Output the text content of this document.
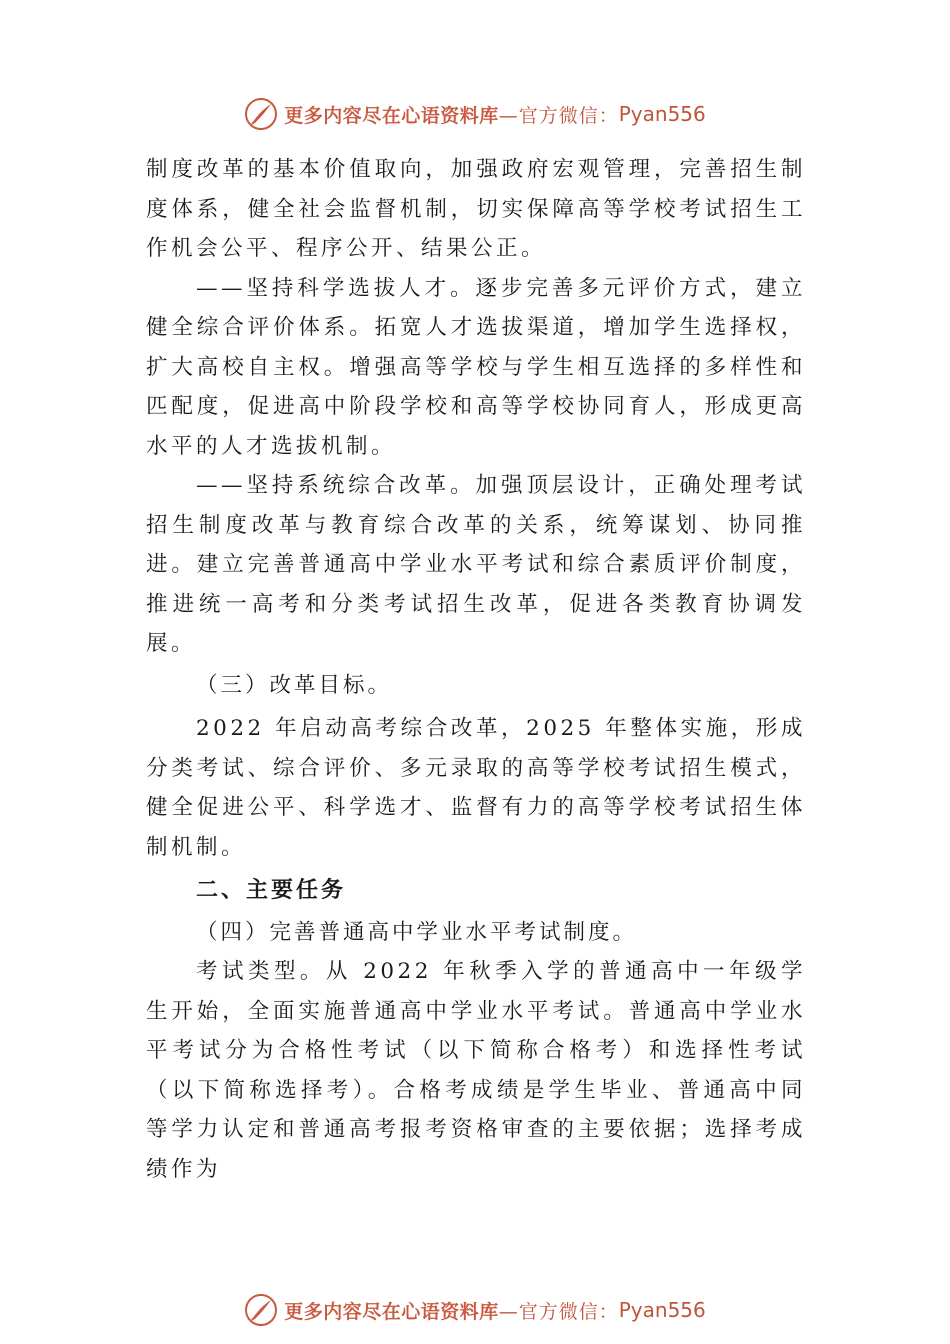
更多内容尽在心语资料库 —官方微信： Pyan556

制度改革的基本价值取向，加强政府宏观管理，完善招生制度体系，健全社会监督机制，切实保障高等学校考试招生工作机会公平、程序公开、结果公正。

——坚持科学选拔人才。逐步完善多元评价方式，建立健全综合评价体系。拓宽人才选拔渠道，增加学生选择权， 扩大高校自主权。增强高等学校与学生相互选择的多样性和匹配度，促进高中阶段学校和高等学校协同育人，形成更高水平的人才选拔机制。

——坚持系统综合改革。加强顶层设计，正确处理考试招生制度改革与教育综合改革的关系，统筹谋划、协同推进。建立完善普通高中学业水平考试和综合素质评价制度，推进统一高考和分类考试招生改革，促进各类教育协调发展。

（三）改革目标。

2022 年启动高考综合改革，2025 年整体实施，形成分类考试、综合评价、多元录取的高等学校考试招生模式，健全促进公平、科学选才、监督有力的高等学校考试招生体制机制。

二、主要任务

（四）完善普通高中学业水平考试制度。

考试类型。从 2022 年秋季入学的普通高中一年级学生开始，全面实施普通高中学业水平考试。普通高中学业水平考试分为合格性考试（以下简称合格考）和选择性考试（以下简称选择考）。合格考成绩是学生毕业、普通高中同等学力认定和普通高考报考资格审查的主要依据；选择考成绩作为

更多内容尽在心语资料库 —官方微信： Pyan556
